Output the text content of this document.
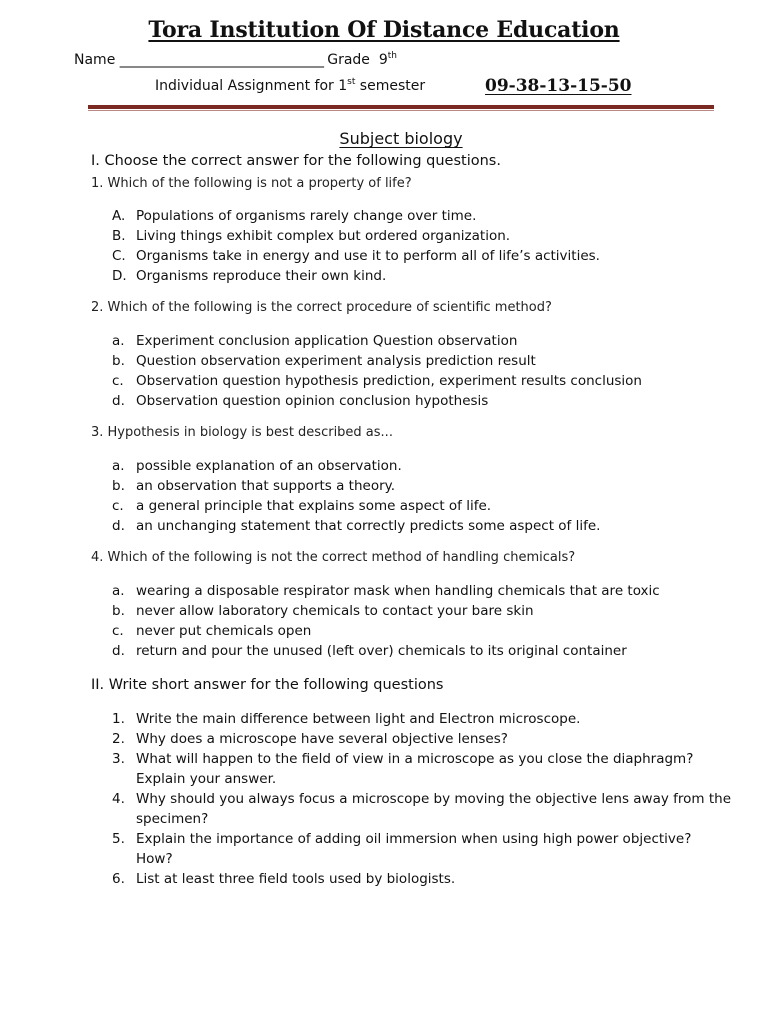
Tora Institution Of Distance Education
Name ___________________________________ Grade 9th
Individual Assignment for 1st semester	09-38-13-15-50
Subject biology
I. Choose the correct answer for the following questions.
1. Which of the following is not a property of life?
A. Populations of organisms rarely change over time.
B. Living things exhibit complex but ordered organization.
C. Organisms take in energy and use it to perform all of life’s activities.
D. Organisms reproduce their own kind.
2. Which of the following is the correct procedure of scientific method?
a. Experiment conclusion application Question observation
b. Question observation experiment analysis prediction result
c. Observation question hypothesis prediction, experiment results conclusion
d. Observation question opinion conclusion hypothesis
3. Hypothesis in biology is best described as...
a. possible explanation of an observation.
b. an observation that supports a theory.
c. a general principle that explains some aspect of life.
d. an unchanging statement that correctly predicts some aspect of life.
4. Which of the following is not the correct method of handling chemicals?
a. wearing a disposable respirator mask when handling chemicals that are toxic
b. never allow laboratory chemicals to contact your bare skin
c. never put chemicals open
d. return and pour the unused (left over) chemicals to its original container
II. Write short answer for the following questions
1. Write the main difference between light and Electron microscope.
2. Why does a microscope have several objective lenses?
3. What will happen to the field of view in a microscope as you close the diaphragm? Explain your answer.
4. Why should you always focus a microscope by moving the objective lens away from the specimen?
5. Explain the importance of adding oil immersion when using high power objective? How?
6. List at least three field tools used by biologists.
